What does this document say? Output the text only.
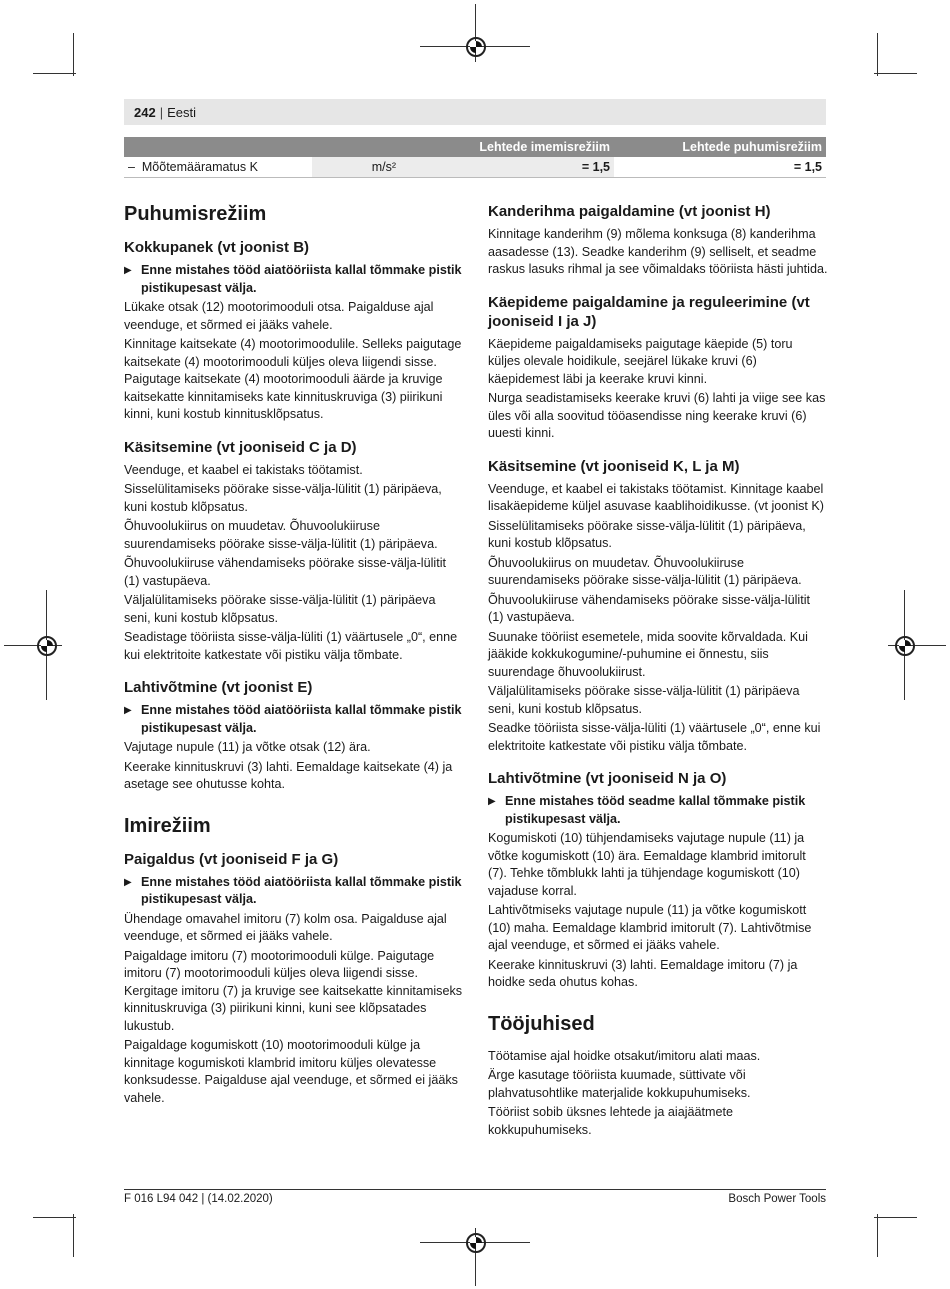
242 | Eesti
		Lehtede imemisrežiim	Lehtede puhumisrežiim
–  Mõõtemääramatus K	m/s²	= 1,5	= 1,5
Puhumisrežiim
Kokkupanek (vt joonist B)

▶ Enne mistahes tööd aiatööriista kallal tõmmake pistik pistikupesast välja.

Lükake otsak (12) mootorimooduli otsa. Paigalduse ajal veenduge, et sõrmed ei jääks vahele.

Kinnitage kaitsekate (4) mootorimoodulile. Selleks paigutage kaitsekate (4) mootorimooduli küljes oleva liigendi sisse. Paigutage kaitsekate (4) mootorimooduli äärde ja kruvige kaitsekatte kinnitamiseks kate kinnituskruviga (3) piirikuni kinni, kuni kostub kinnitusklõpsatus.

Käsitsemine (vt jooniseid C ja D)

Veenduge, et kaabel ei takistaks töötamist.

Sisselülitamiseks pöörake sisse-välja-lülitit (1) päripäeva, kuni kostub klõpsatus.

Õhuvoolukiirus on muudetav. Õhuvoolukiiruse suurendamiseks pöörake sisse-välja-lülitit (1) päripäeva.

Õhuvoolukiiruse vähendamiseks pöörake sisse-välja-lülitit (1) vastupäeva.

Väljalülitamiseks pöörake sisse-välja-lülitit (1) päripäeva seni, kuni kostub klõpsatus.

Seadistage tööriista sisse-välja-lüliti (1) väärtusele „0“, enne kui elektritoite katkestate või pistiku välja tõmbate.

Lahtivõtmine (vt joonist E)

▶ Enne mistahes tööd aiatööriista kallal tõmmake pistik pistikupesast välja.

Vajutage nupule (11) ja võtke otsak (12) ära.

Keerake kinnituskruvi (3) lahti. Eemaldage kaitsekate (4) ja asetage see ohutusse kohta.

Imirežiim
Paigaldus (vt jooniseid F ja G)

▶ Enne mistahes tööd aiatööriista kallal tõmmake pistik pistikupesast välja.

Ühendage omavahel imitoru (7) kolm osa. Paigalduse ajal veenduge, et sõrmed ei jääks vahele.

Paigaldage imitoru (7) mootorimooduli külge. Paigutage imitoru (7) mootorimooduli küljes oleva liigendi sisse. Kergitage imitoru (7) ja kruvige see kaitsekatte kinnitamiseks kinnituskruviga (3) piirikuni kinni, kuni see klõpsatades lukustub.

Paigaldage kogumiskott (10) mootorimooduli külge ja kinnitage kogumiskoti klambrid imitoru küljes olevatesse konksudesse. Paigalduse ajal veenduge, et sõrmed ei jääks vahele.

Kanderihma paigaldamine (vt joonist H)

Kinnitage kanderihm (9) mõlema konksuga (8) kanderihma aasadesse (13). Seadke kanderihm (9) selliselt, et seadme raskus lasuks rihmal ja see võimaldaks tööriista hästi juhtida.

Käepideme paigaldamine ja reguleerimine (vt jooniseid I ja J)

Käepideme paigaldamiseks paigutage käepide (5) toru küljes olevale hoidikule, seejärel lükake kruvi (6) käepidemest läbi ja keerake kruvi kinni.

Nurga seadistamiseks keerake kruvi (6) lahti ja viige see kas üles või alla soovitud tööasendisse ning keerake kruvi (6) uuesti kinni.

Käsitsemine (vt jooniseid K, L ja M)

Veenduge, et kaabel ei takistaks töötamist. Kinnitage kaabel lisakäepideme küljel asuvase kaablihoidikusse. (vt joonist K)

Sisselülitamiseks pöörake sisse-välja-lülitit (1) päripäeva, kuni kostub klõpsatus.

Õhuvoolukiirus on muudetav. Õhuvoolukiiruse suurendamiseks pöörake sisse-välja-lülitit (1) päripäeva.

Õhuvoolukiiruse vähendamiseks pöörake sisse-välja-lülitit (1) vastupäeva.

Suunake tööriist esemetele, mida soovite kõrvaldada. Kui jääkide kokkukogumine/-puhumine ei õnnestu, siis suurendage õhuvoolukiirust.

Väljalülitamiseks pöörake sisse-välja-lülitit (1) päripäeva seni, kuni kostub klõpsatus.

Seadke tööriista sisse-välja-lüliti (1) väärtusele „0“, enne kui elektritoite katkestate või pistiku välja tõmbate.

Lahtivõtmine (vt jooniseid N ja O)

▶ Enne mistahes tööd seadme kallal tõmmake pistik pistikupesast välja.

Kogumiskoti (10) tühjendamiseks vajutage nupule (11) ja võtke kogumiskott (10) ära. Eemaldage klambrid imitorult (7). Tehke tõmblukk lahti ja tühjendage kogumiskott (10) vajaduse korral.

Lahtivõtmiseks vajutage nupule (11) ja võtke kogumiskott (10) maha. Eemaldage klambrid imitorult (7). Lahtivõtmise ajal veenduge, et sõrmed ei jääks vahele.

Keerake kinnituskruvi (3) lahti. Eemaldage imitoru (7) ja hoidke seda ohutus kohas.

Tööjuhised

Töötamise ajal hoidke otsakut/imitoru alati maas.

Ärge kasutage tööriista kuumade, süttivate või plahvatusohtlike materjalide kokkupuhumiseks.

Tööriist sobib üksnes lehtede ja aiajäätmete kokkupuhumiseks.

F 016 L94 042 | (14.02.2020)	Bosch Power Tools
